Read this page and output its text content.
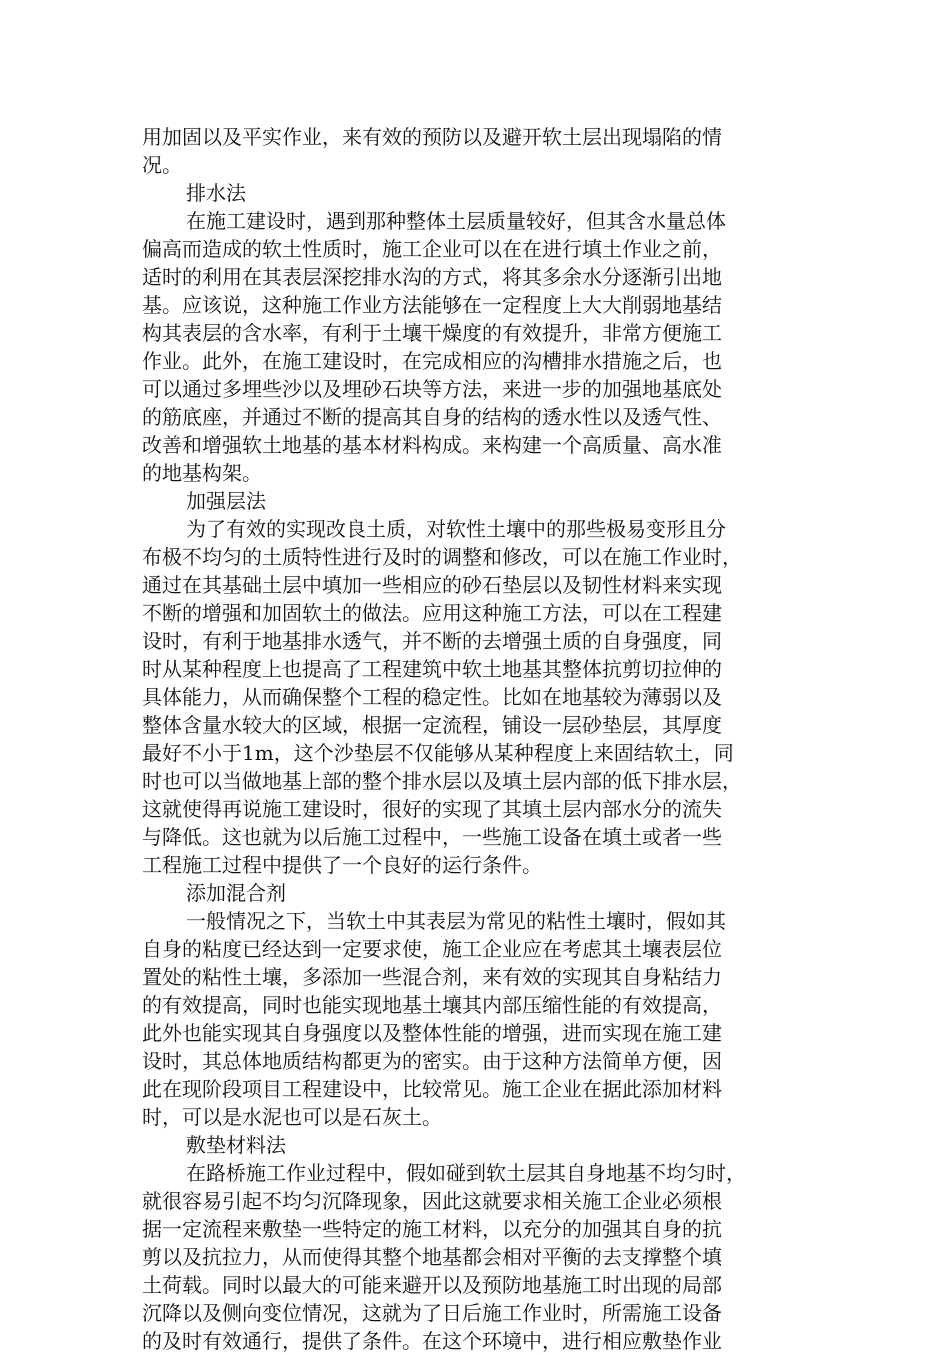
用加固以及平实作业，来有效的预防以及避开软土层出现塌陷的情
况。
排水法
在施工建设时，遇到那种整体土层质量较好，但其含水量总体
偏高而造成的软土性质时，施工企业可以在在进行填土作业之前，
适时的利用在其表层深挖排水沟的方式，将其多余水分逐渐引出地
基。应该说，这种施工作业方法能够在一定程度上大大削弱地基结
构其表层的含水率，有利于土壤干燥度的有效提升，非常方便施工
作业。此外，在施工建设时，在完成相应的沟槽排水措施之后，也
可以通过多埋些沙以及埋砂石块等方法，来进一步的加强地基底处
的筋底座，并通过不断的提高其自身的结构的透水性以及透气性、
改善和增强软土地基的基本材料构成。来构建一个高质量、高水准
的地基构架。
加强层法
为了有效的实现改良土质，对软性土壤中的那些极易变形且分
布极不均匀的土质特性进行及时的调整和修改，可以在施工作业时，
通过在其基础土层中填加一些相应的砂石垫层以及韧性材料来实现
不断的增强和加固软土的做法。应用这种施工方法，可以在工程建
设时，有利于地基排水透气，并不断的去增强土质的自身强度，同
时从某种程度上也提高了工程建筑中软土地基其整体抗剪切拉伸的
具体能力，从而确保整个工程的稳定性。比如在地基较为薄弱以及
整体含量水较大的区域，根据一定流程，铺设一层砂垫层，其厚度
最好不小于1m，这个沙垫层不仅能够从某种程度上来固结软土，同
时也可以当做地基上部的整个排水层以及填土层内部的低下排水层，
这就使得再说施工建设时，很好的实现了其填土层内部水分的流失
与降低。这也就为以后施工过程中，一些施工设备在填土或者一些
工程施工过程中提供了一个良好的运行条件。
添加混合剂
一般情况之下，当软土中其表层为常见的粘性土壤时，假如其
自身的粘度已经达到一定要求使，施工企业应在考虑其土壤表层位
置处的粘性土壤，多添加一些混合剂，来有效的实现其自身粘结力
的有效提高，同时也能实现地基土壤其内部压缩性能的有效提高，
此外也能实现其自身强度以及整体性能的增强，进而实现在施工建
设时，其总体地质结构都更为的密实。由于这种方法简单方便，因
此在现阶段项目工程建设中，比较常见。施工企业在据此添加材料
时，可以是水泥也可以是石灰土。
敷垫材料法
在路桥施工作业过程中，假如碰到软土层其自身地基不均匀时，
就很容易引起不均匀沉降现象，因此这就要求相关施工企业必须根
据一定流程来敷垫一些特定的施工材料，以充分的加强其自身的抗
剪以及抗拉力，从而使得其整个地基都会相对平衡的去支撑整个填
土荷载。同时以最大的可能来避开以及预防地基施工时出现的局部
沉降以及侧向变位情况，这就为了日后施工作业时，所需施工设备
的及时有效通行，提供了条件。在这个环境中，进行相应敷垫作业
